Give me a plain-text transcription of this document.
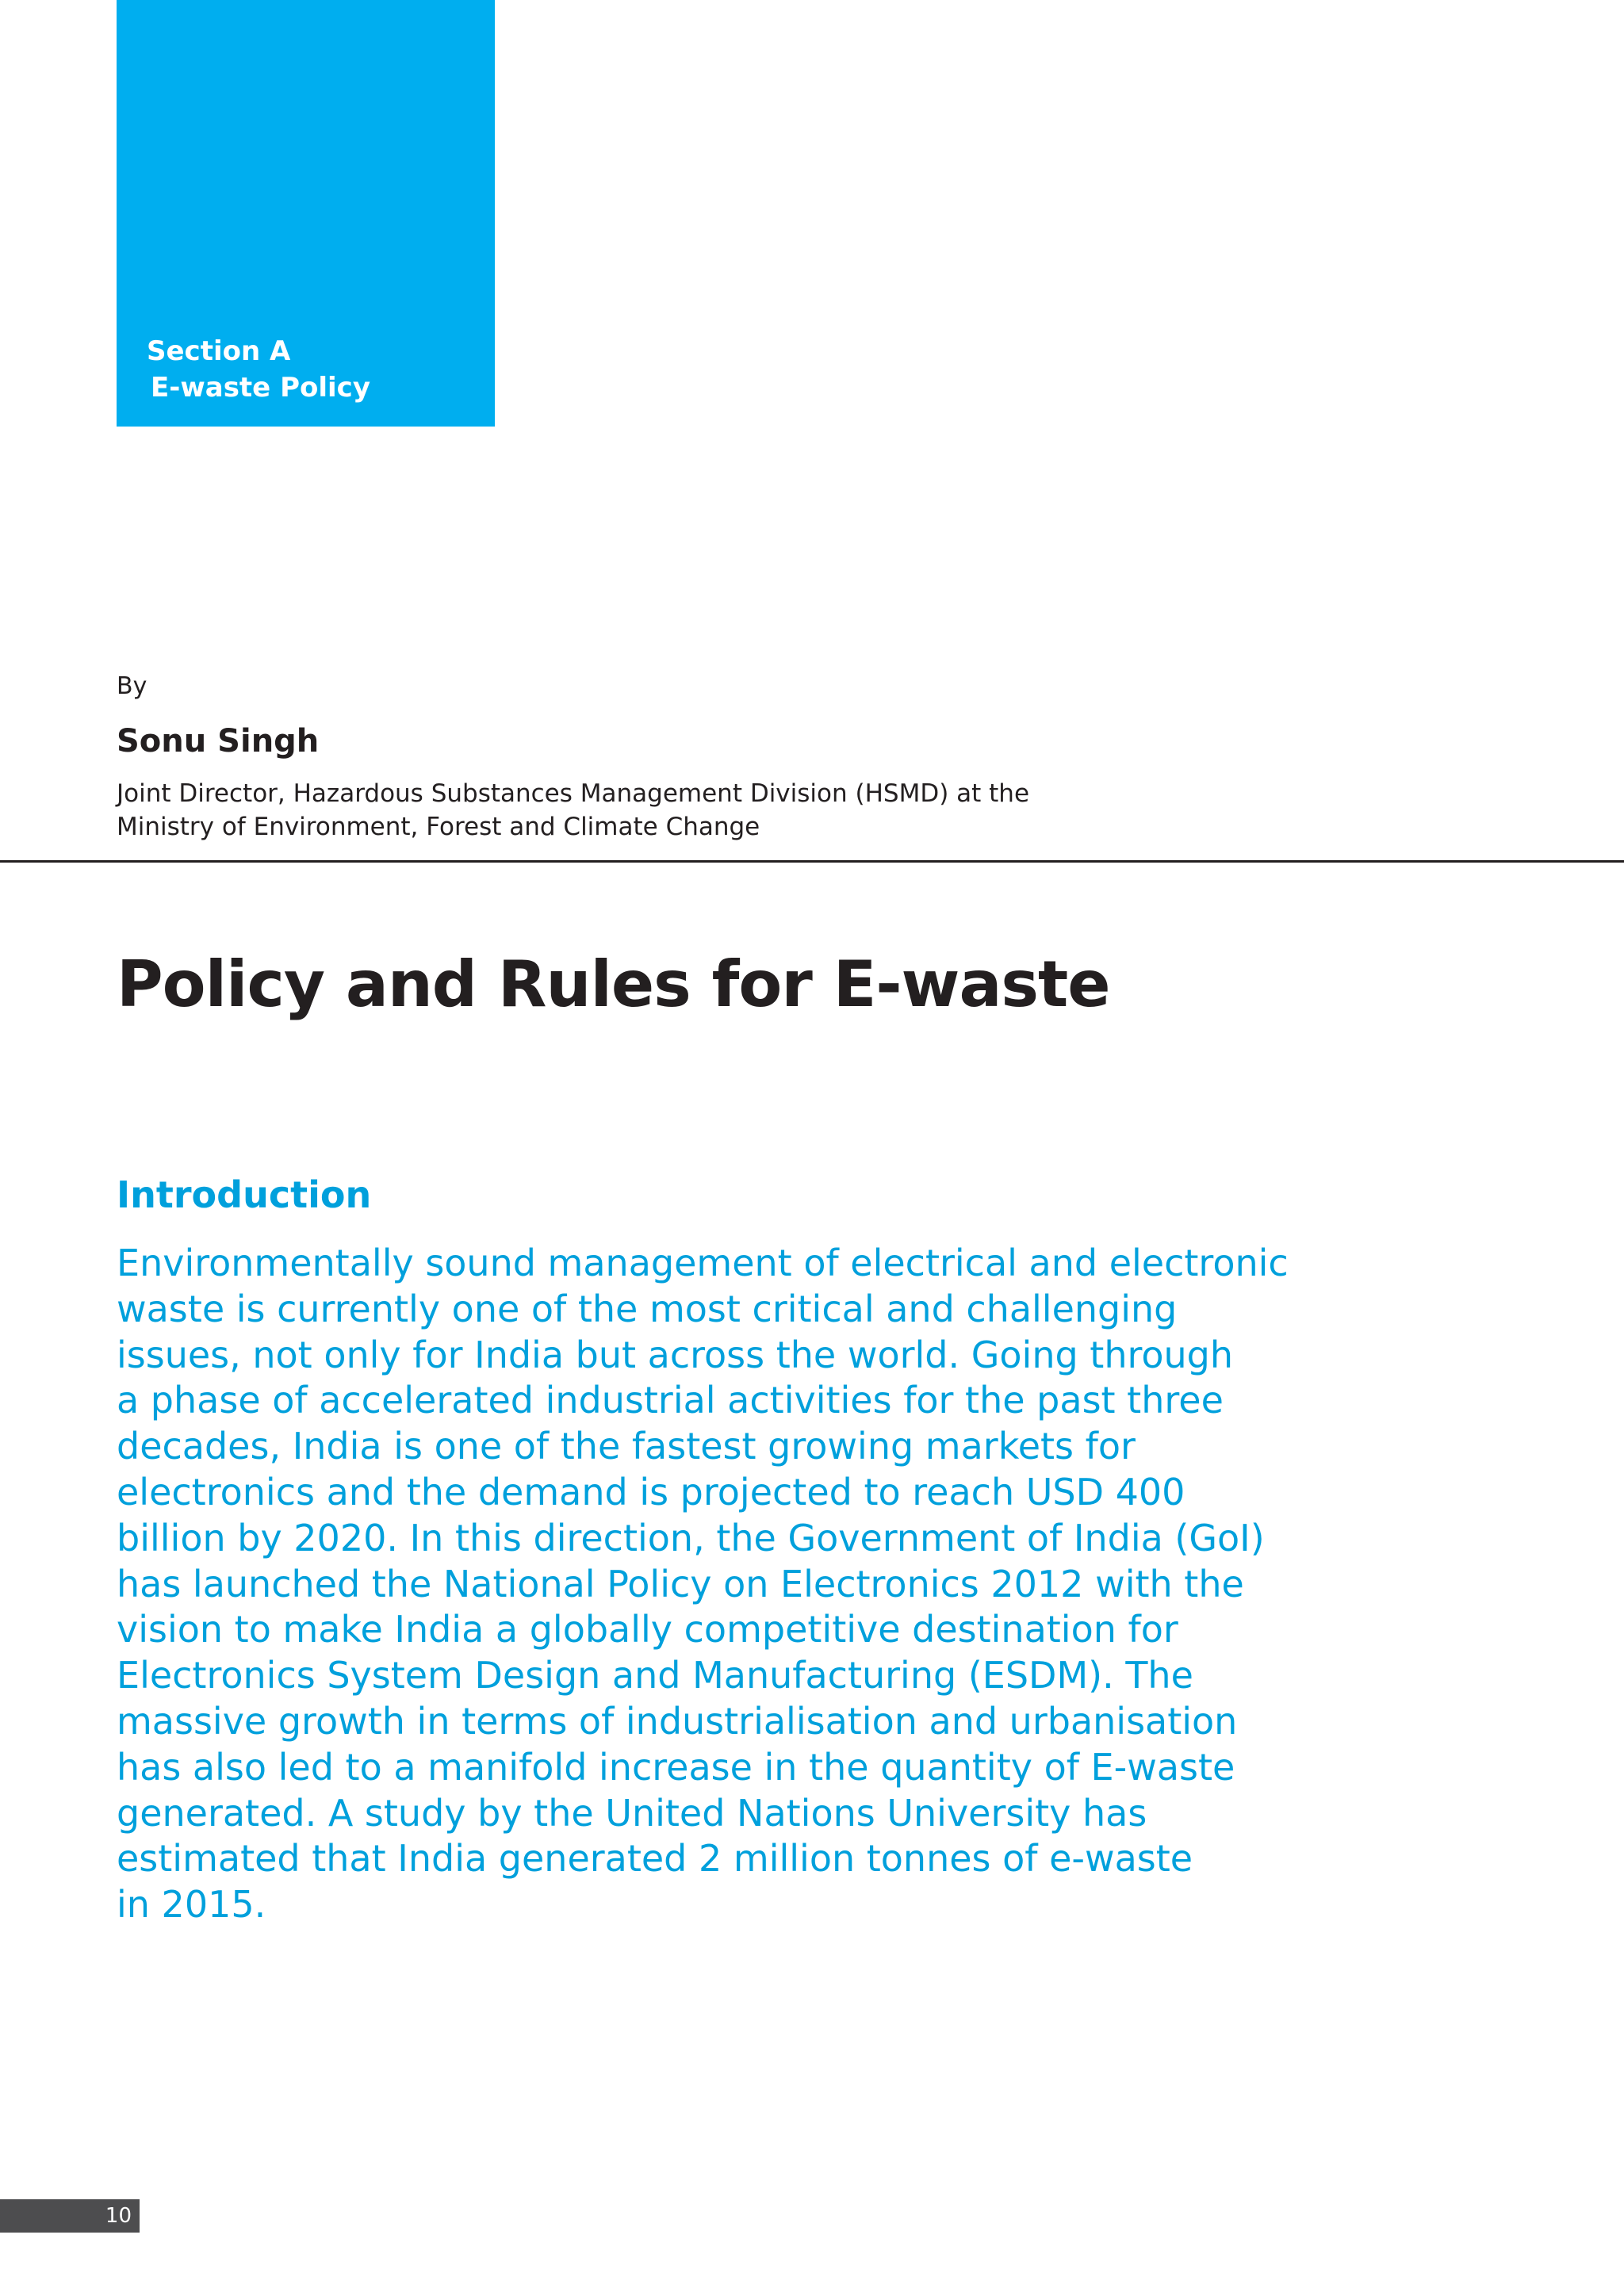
Section A
E-waste Policy
By
Sonu Singh
Joint Director, Hazardous Substances Management Division (HSMD) at the
Ministry of Environment, Forest and Climate Change
Policy and Rules for E-waste
Introduction
Environmentally sound management of electrical and electronic
waste is currently one of the most critical and challenging
issues, not only for India but across the world. Going through
a phase of accelerated industrial activities for the past three
decades, India is one of the fastest growing markets for
electronics and the demand is projected to reach USD 400
billion by 2020. In this direction, the Government of India (GoI)
has launched the National Policy on Electronics 2012 with the
vision to make India a globally competitive destination for
Electronics System Design and Manufacturing (ESDM). The
massive growth in terms of industrialisation and urbanisation
has also led to a manifold increase in the quantity of E-waste
generated. A study by the United Nations University has
estimated that India generated 2 million tonnes of e-waste
in 2015.
10
